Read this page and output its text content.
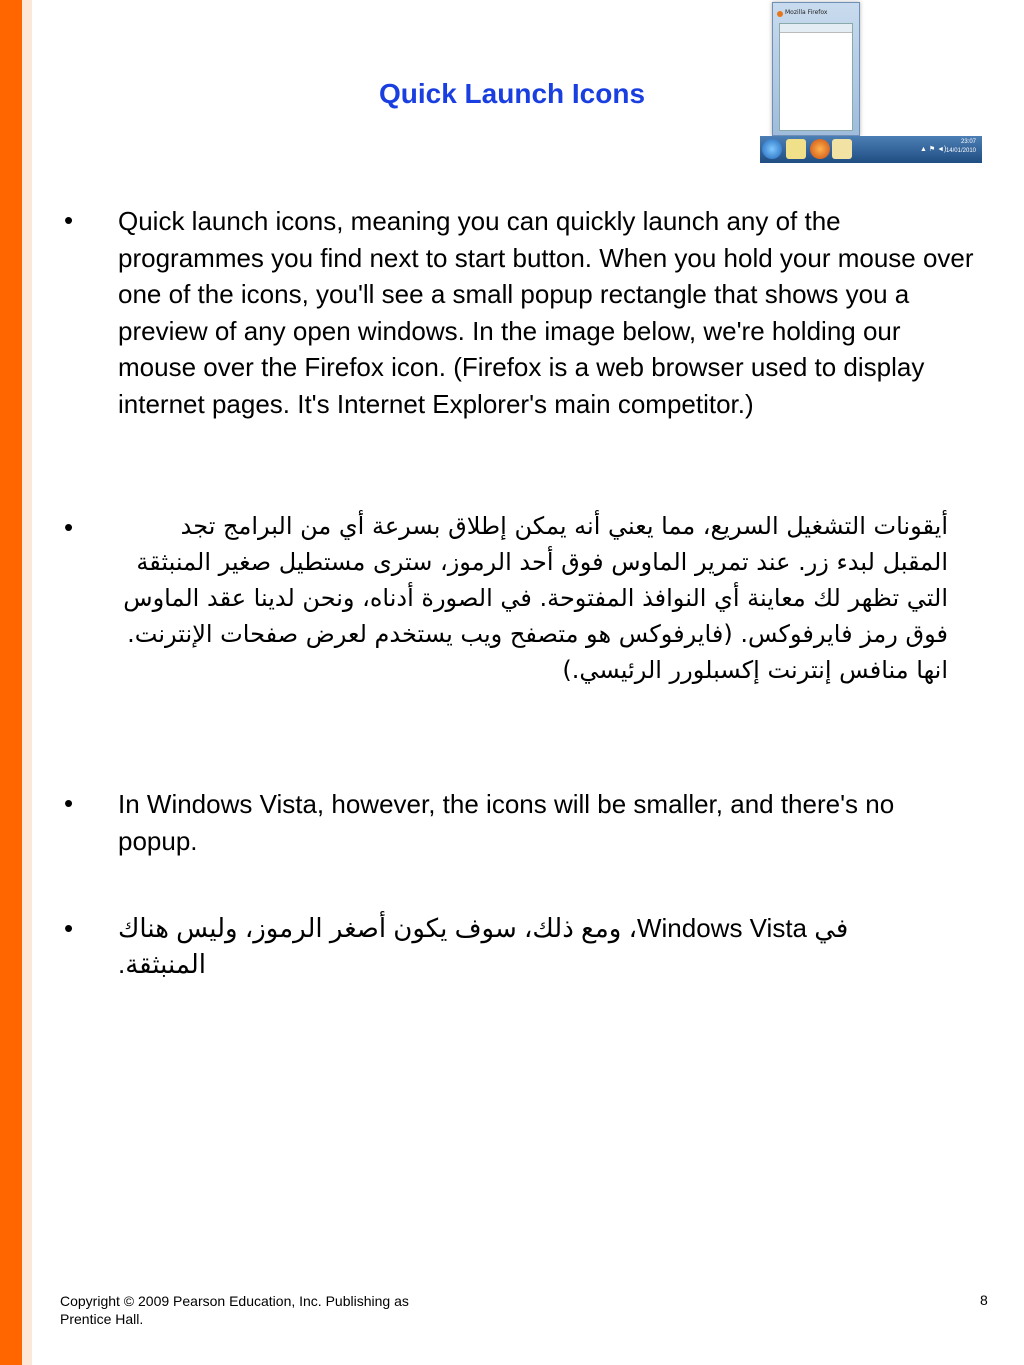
Quick Launch Icons
Mozilla Firefox
▲ ⚑ ◄)
23:07
14/01/2010
• Quick launch icons, meaning you can quickly launch any of the programmes you find next to start button. When you hold your mouse over one of the icons, you'll see a small popup rectangle that shows you a preview of any open windows. In the image below, we're holding our mouse over the Firefox icon. (Firefox is a web browser used to display internet pages. It's Internet Explorer's main competitor.)
•	أيقونات التشغيل السريع، مما يعني أنه يمكن إطلاق بسرعة أي من البرامج تجد المقبل لبدء زر. عند تمرير الماوس فوق أحد الرموز، سترى مستطيل صغير المنبثقة التي تظهر لك معاينة أي النوافذ المفتوحة. في الصورة أدناه، ونحن لدينا عقد الماوس فوق رمز فايرفوكس. (فايرفوكس هو متصفح ويب يستخدم لعرض صفحات الإنترنت. انها منافس إنترنت إكسبلورر الرئيسي.)
• In Windows Vista, however, the icons will be smaller, and there's no popup.
• في Windows Vista، ومع ذلك، سوف يكون أصغر الرموز، وليس هناك المنبثقة.
Copyright © 2009 Pearson Education, Inc. Publishing as Prentice Hall.
8
